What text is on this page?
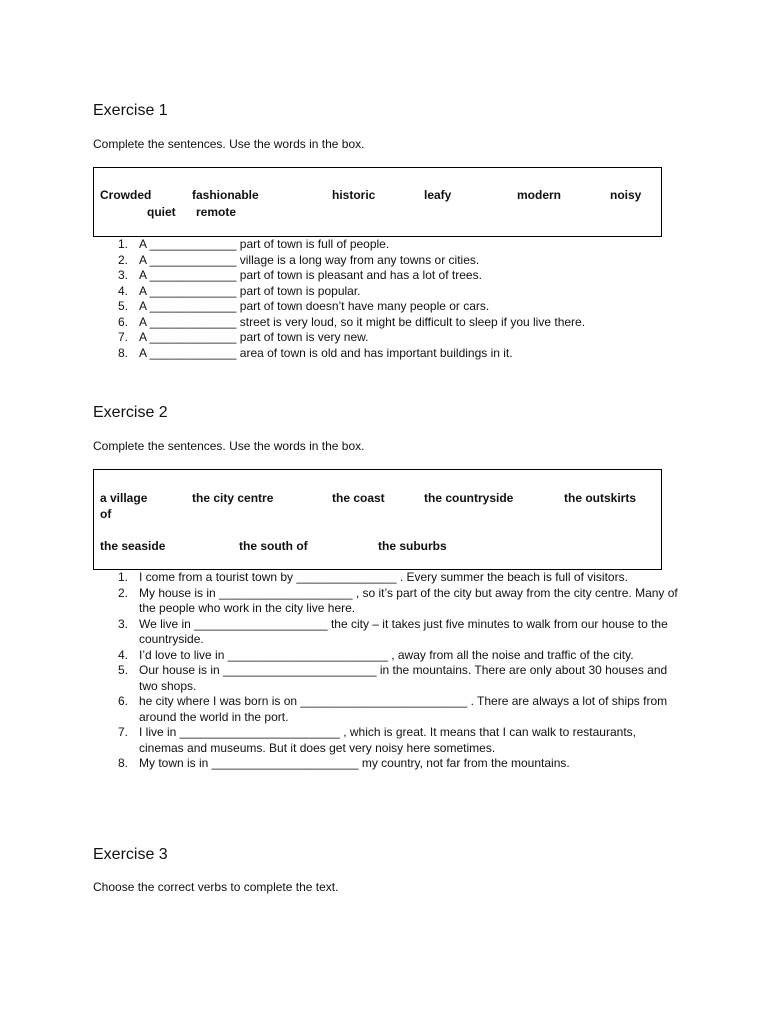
Exercise 1

Complete the sentences. Use the words in the box.

Crowded	fashionable	historic	leafy	modern	noisy
quiet remote
1. A _____________ part of town is full of people.
2. A _____________ village is a long way from any towns or cities.
3. A _____________ part of town is pleasant and has a lot of trees.
4. A _____________ part of town is popular.
5. A _____________ part of town doesn’t have many people or cars.
6. A _____________ street is very loud, so it might be difficult to sleep if you live there.
7. A _____________ part of town is very new.
8. A _____________ area of town is old and has important buildings in it.
Exercise 2

Complete the sentences. Use the words in the box.

a village	the city centre	the coast	the countryside	the outskirts
of
the seaside	the south of	the suburbs
1. I come from a tourist town by _______________ . Every summer the beach is full of visitors.
2. My house is in ____________________ , so it’s part of the city but away from the city centre. Many of the people who work in the city live here.
3. We live in ____________________ the city – it takes just five minutes to walk from our house to the countryside.
4. I’d love to live in ________________________ , away from all the noise and traffic of the city.
5. Our house is in _______________________ in the mountains. There are only about 30 houses and two shops.
6. he city where I was born is on _________________________ . There are always a lot of ships from around the world in the port.
7. I live in ________________________ , which is great. It means that I can walk to restaurants, cinemas and museums. But it does get very noisy here sometimes.
8. My town is in ______________________ my country, not far from the mountains.
Exercise 3

Choose the correct verbs to complete the text.
